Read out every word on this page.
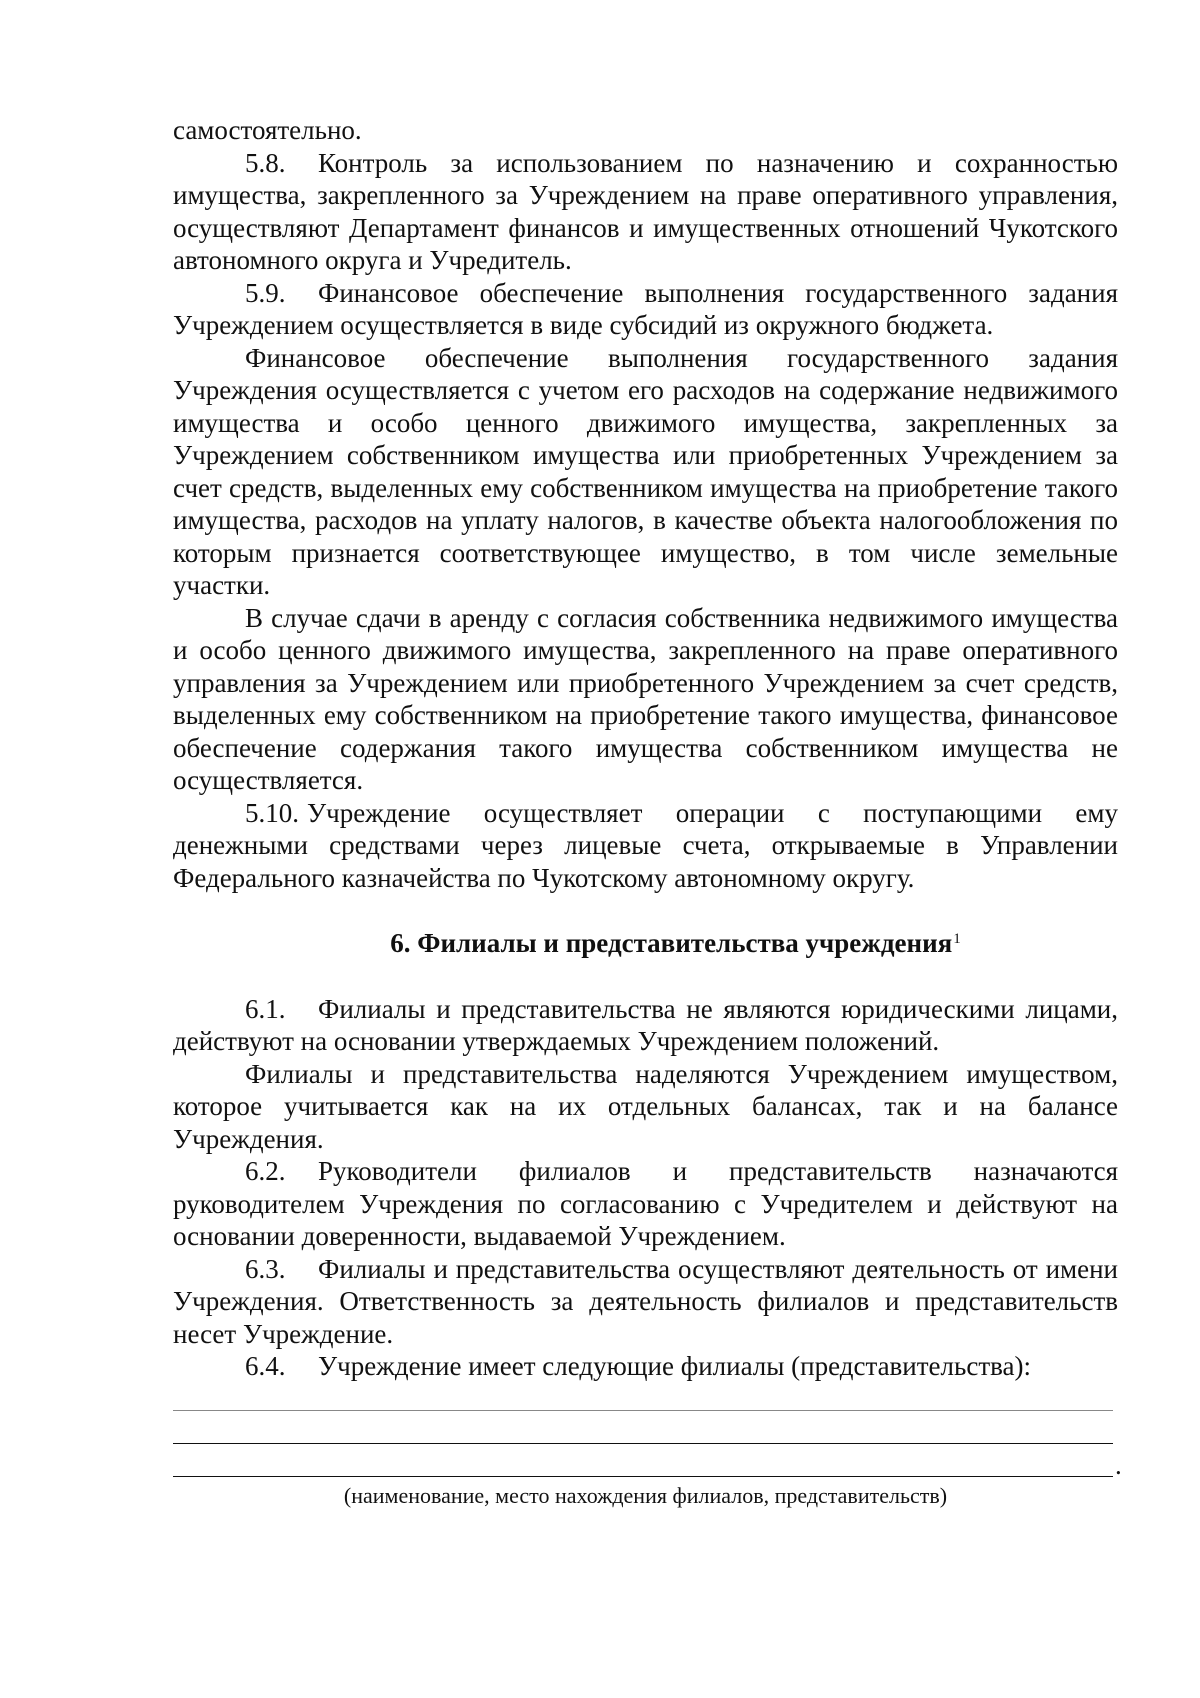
самостоятельно.

5.8. Контроль за использованием по назначению и сохранностью имущества, закрепленного за Учреждением на праве оперативного управления, осуществляют Департамент финансов и имущественных отношений Чукотского автономного округа и Учредитель.

5.9. Финансовое обеспечение выполнения государственного задания Учреждением осуществляется в виде субсидий из окружного бюджета.

Финансовое обеспечение выполнения государственного задания Учреждения осуществляется с учетом его расходов на содержание недвижимого имущества и особо ценного движимого имущества, закрепленных за Учреждением собственником имущества или приобретенных Учреждением за счет средств, выделенных ему собственником имущества на приобретение такого имущества, расходов на уплату налогов, в качестве объекта налогообложения по которым признается соответствующее имущество, в том числе земельные участки.

В случае сдачи в аренду с согласия собственника недвижимого имущества и особо ценного движимого имущества, закрепленного на праве оперативного управления за Учреждением или приобретенного Учреждением за счет средств, выделенных ему собственником на приобретение такого имущества, финансовое обеспечение содержания такого имущества собственником имущества не осуществляется.

5.10. Учреждение осуществляет операции с поступающими ему денежными средствами через лицевые счета, открываемые в Управлении Федерального казначейства по Чукотскому автономному округу.

6. Филиалы и представительства учреждения$^1$

6.1. Филиалы и представительства не являются юридическими лицами, действуют на основании утверждаемых Учреждением положений.

Филиалы и представительства наделяются Учреждением имуществом, которое учитывается как на их отдельных балансах, так и на балансе Учреждения.

6.2. Руководители филиалов и представительств назначаются руководителем Учреждения по согласованию с Учредителем и действуют на основании доверенности, выдаваемой Учреждением.

6.3. Филиалы и представительства осуществляют деятельность от имени Учреждения. Ответственность за деятельность филиалов и представительств несет Учреждение.

6.4. Учреждение имеет следующие филиалы (представительства):

.
(наименование, место нахождения филиалов, представительств)
